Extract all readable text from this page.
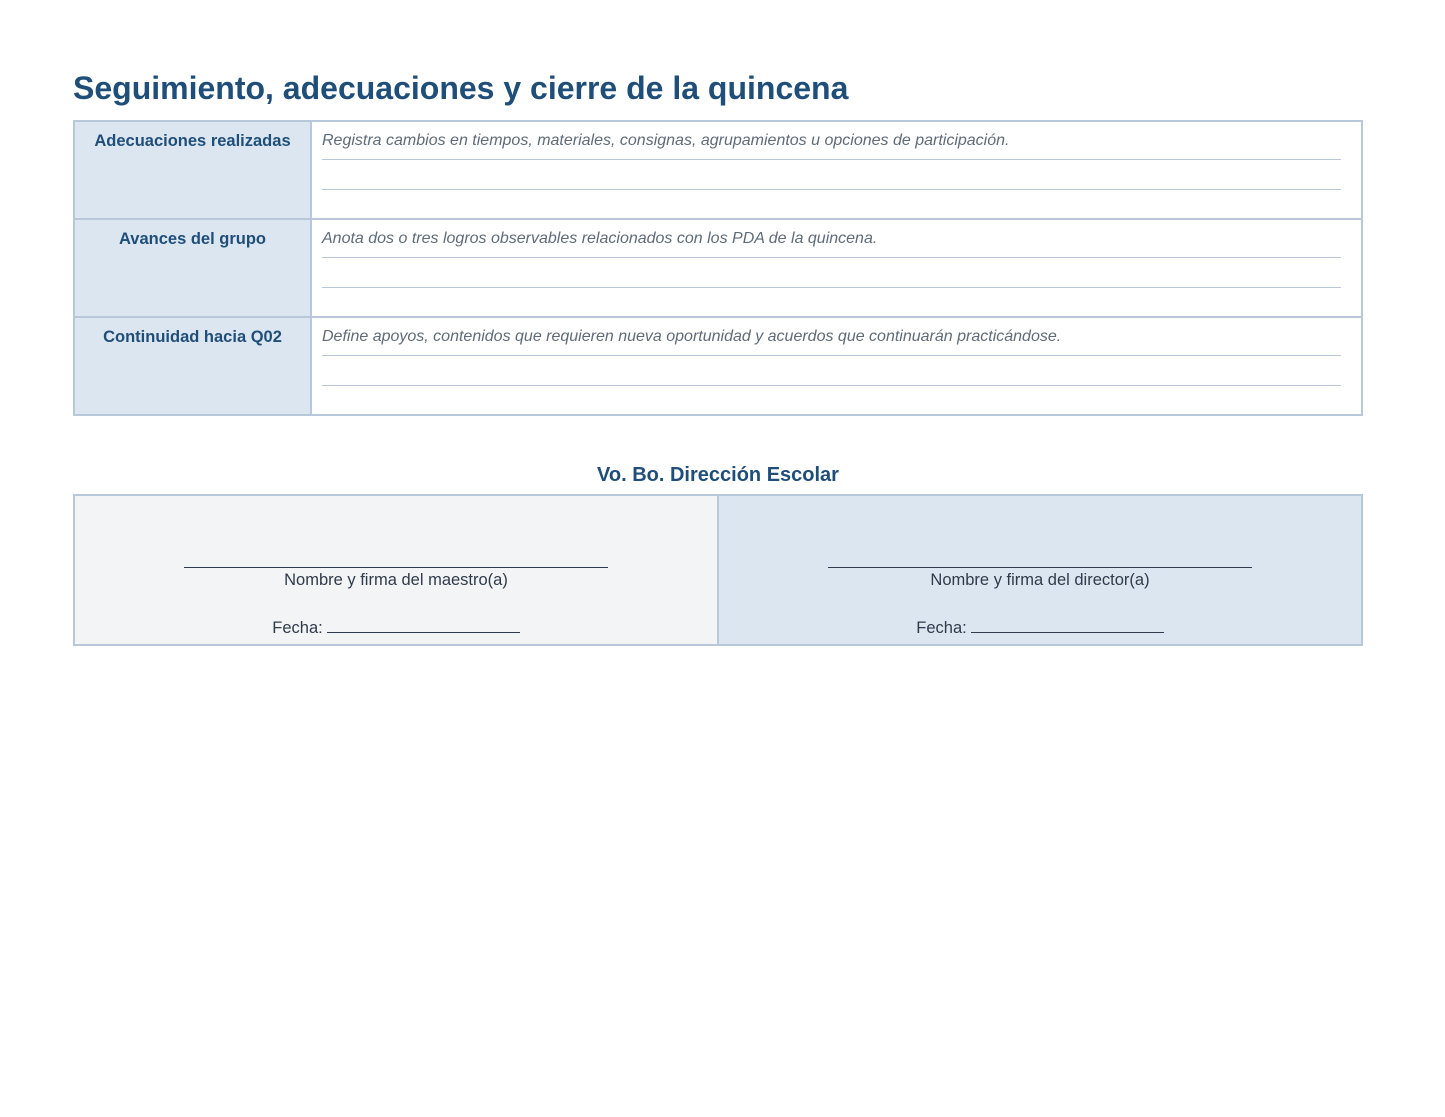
Seguimiento, adecuaciones y cierre de la quincena
Adecuaciones realizadas	Registra cambios en tiempos, materiales, consignas, agrupamientos u opciones de participación.
Avances del grupo	Anota dos o tres logros observables relacionados con los PDA de la quincena.
Continuidad hacia Q02	Define apoyos, contenidos que requieren nueva oportunidad y acuerdos que continuarán practicándose.
Vo. Bo. Dirección Escolar
Nombre y firma del maestro(a)
Fecha:
Nombre y firma del director(a)
Fecha:
